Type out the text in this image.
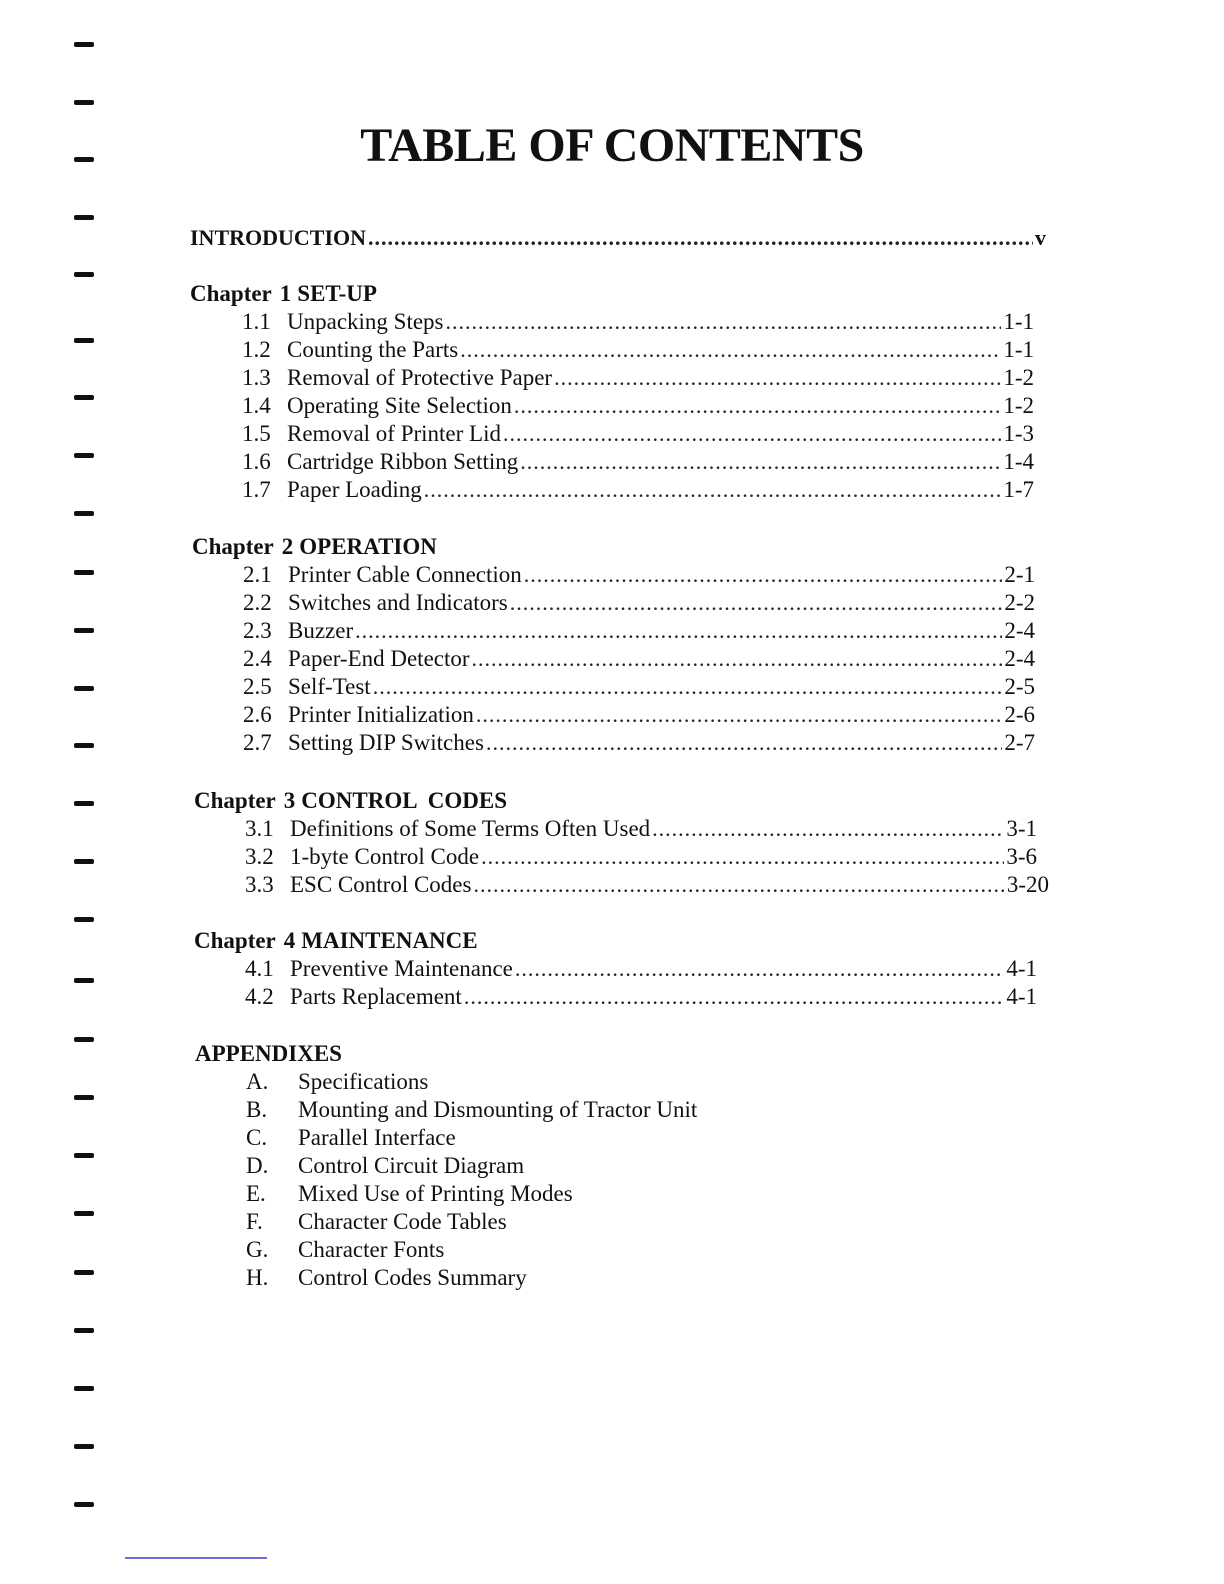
TABLE OF CONTENTS
INTRODUCTION .....	v
Chapter 1 SET-UP
1.1 Unpacking Steps .....	1-1
1.2 Counting the Parts .....	1-1
1.3 Removal of Protective Paper .....	1-2
1.4 Operating Site Selection .....	1-2
1.5 Removal of Printer Lid .....	1-3
1.6 Cartridge Ribbon Setting .....	1-4
1.7 Paper Loading .....	1-7
Chapter 2 OPERATION
2.1 Printer Cable Connection .....	2-1
2.2 Switches and Indicators .....	2-2
2.3 Buzzer .....	2-4
2.4 Paper-End Detector .....	2-4
2.5 Self-Test .....	2-5
2.6 Printer Initialization .....	2-6
2.7 Setting DIP Switches .....	2-7
Chapter 3 CONTROL  CODES
3.1 Definitions of Some Terms Often Used .....	3-1
3.2 1-byte Control Code .....	3-6
3.3 ESC Control Codes .....	3-20
Chapter 4 MAINTENANCE
4.1 Preventive Maintenance .....	4-1
4.2 Parts Replacement .....	4-1
APPENDIXES
A. Specifications
B. Mounting and Dismounting of Tractor Unit
C. Parallel Interface
D. Control Circuit Diagram
E. Mixed Use of Printing Modes
F. Character Code Tables
G. Character Fonts
H. Control Codes Summary
